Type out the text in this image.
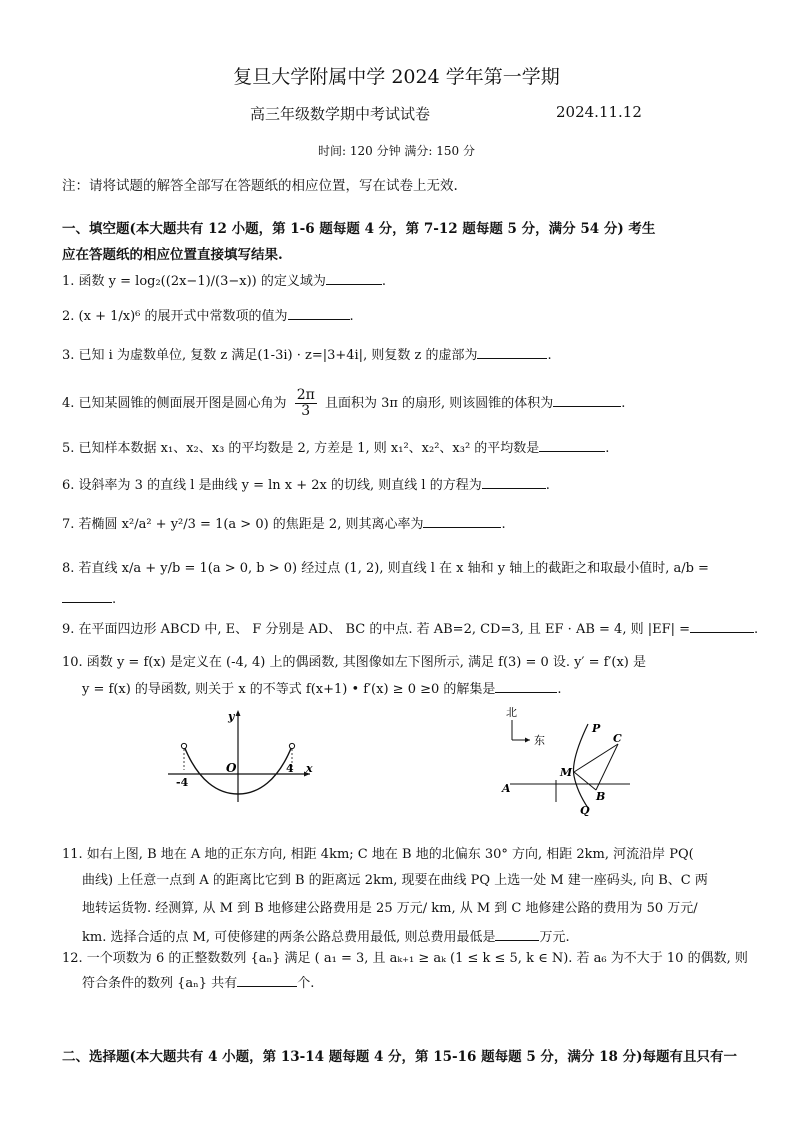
复旦大学附属中学 2024 学年第一学期
高三年级数学期中考试试卷	2024.11.12
时间: 120 分钟 满分: 150 分
注：请将试题的解答全部写在答题纸的相应位置，写在试卷上无效.
一、填空题(本大题共有 12 小题，第 1-6 题每题 4 分，第 7-12 题每题 5 分，满分 54 分) 考生
应在答题纸的相应位置直接填写结果.
1. 函数 y = log₂((2x−1)/(3−x)) 的定义域为	.
2. (x + 1/x)⁶ 的展开式中常数项的值为	.
3. 已知 i 为虚数单位, 复数 z 满足(1-3i) · z=|3+4i|, 则复数 z 的虚部为	.
4. 已知某圆锥的侧面展开图是圆心角为 $\frac{2\pi}{3}$ 且面积为 3π 的扇形, 则该圆锥的体积为	.
5. 已知样本数据 x₁、x₂、x₃ 的平均数是 2, 方差是 1, 则 x₁²、x₂²、x₃² 的平均数是	.
6. 设斜率为 3 的直线 l 是曲线 y = ln x + 2x 的切线, 则直线 l 的方程为	.
7. 若椭圆 x²/a² + y²/3 = 1(a > 0) 的焦距是 2, 则其离心率为	.
8. 若直线 x/a + y/b = 1(a > 0, b > 0) 经过点 (1, 2), 则直线 l 在 x 轴和 y 轴上的截距之和取最小值时, a/b =
.
9. 在平面四边形 ABCD 中, E、 F 分别是 AD、 BC 的中点. 若 AB=2, CD=3, 且 EF · AB = 4, 则 |EF| =	.
10. 函数 y = f(x) 是定义在 (-4, 4) 上的偶函数, 其图像如左下图所示, 满足 f(3) = 0 设. y′ = f′(x) 是
y = f(x) 的导函数, 则关于 x 的不等式 f(x+1) • f′(x) ≥ 0 ≥0 的解集是	.
y
x
O
-4
4
北
东
P
C
M
A
B
Q
11. 如右上图, B 地在 A 地的正东方向, 相距 4km; C 地在 B 地的北偏东 30° 方向, 相距 2km, 河流沿岸 PQ(
曲线) 上任意一点到 A 的距离比它到 B 的距离远 2km, 现要在曲线 PQ 上选一处 M 建一座码头, 向 B、C 两
地转运货物. 经测算, 从 M 到 B 地修建公路费用是 25 万元/ km, 从 M 到 C 地修建公路的费用为 50 万元/
km. 选择合适的点 M, 可使修建的两条公路总费用最低, 则总费用最低是	万元.
12. 一个项数为 6 的正整数数列 {aₙ} 满足 ( a₁ = 3, 且 aₖ₊₁ ≥ aₖ (1 ≤ k ≤ 5, k ∈ N). 若 a₆ 为不大于 10 的偶数, 则
符合条件的数列 {aₙ} 共有	个.
二、选择题(本大题共有 4 小题，第 13-14 题每题 4 分，第 15-16 题每题 5 分，满分 18 分)每题有且只有一
